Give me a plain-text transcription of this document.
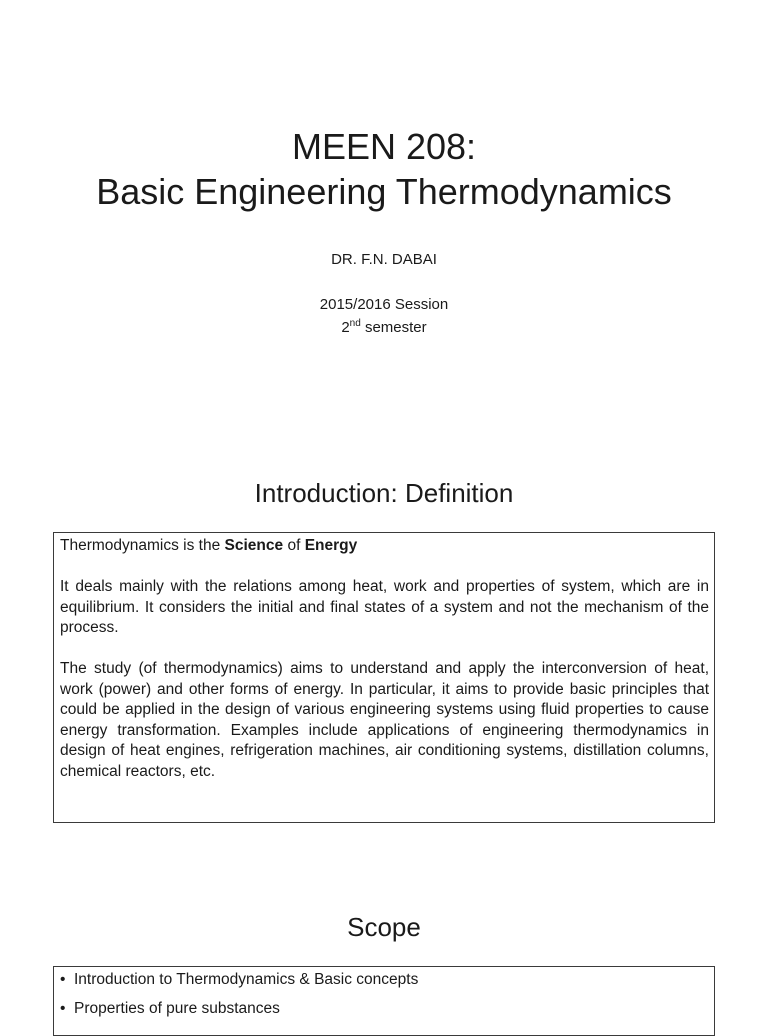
MEEN 208:
Basic Engineering Thermodynamics
DR. F.N. DABAI
2015/2016 Session
2nd semester
Introduction: Definition

Thermodynamics is the Science of Energy

It deals mainly with the relations among heat, work and properties of system, which are in equilibrium. It considers the initial and final states of a system and not the mechanism of the process.

The study (of thermodynamics) aims to understand and apply the interconversion of heat, work (power) and other forms of energy. In particular, it aims to provide basic principles that could be applied in the design of various engineering systems using fluid properties to cause energy transformation. Examples include applications of engineering thermodynamics in design of heat engines, refrigeration machines, air conditioning systems, distillation columns, chemical reactors, etc.

Scope
• Introduction to Thermodynamics & Basic concepts
• Properties of pure substances
